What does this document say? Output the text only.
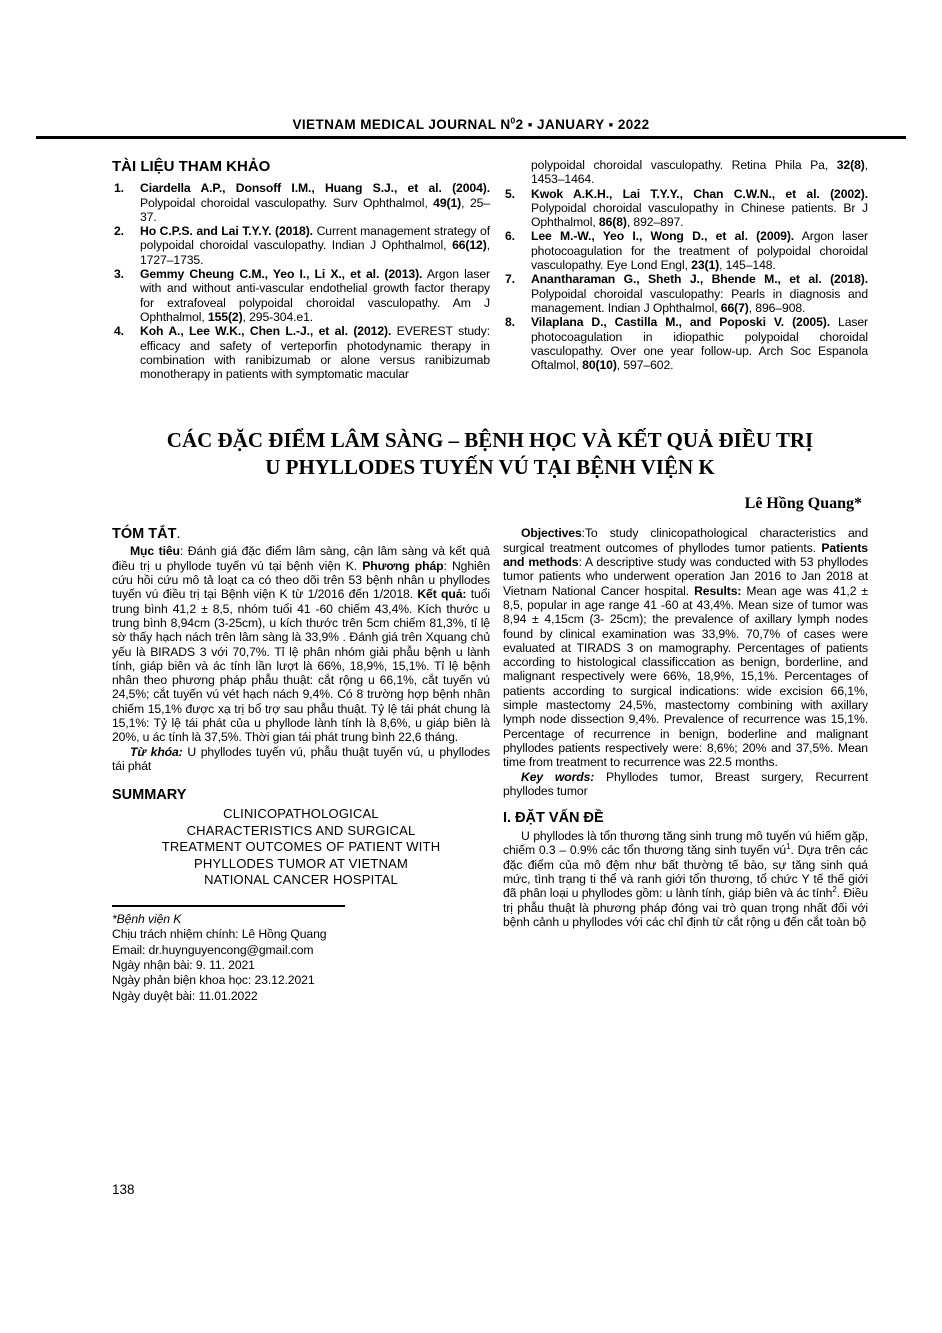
VIETNAM MEDICAL JOURNAL $N^02$ ▪ JANUARY ▪ 2022
TÀI LIỆU THAM KHẢO
1. Ciardella A.P., Donsoff I.M., Huang S.J., et al. (2004). Polypoidal choroidal vasculopathy. Surv Ophthalmol, 49(1), 25–37.
2. Ho C.P.S. and Lai T.Y.Y. (2018). Current management strategy of polypoidal choroidal vasculopathy. Indian J Ophthalmol, 66(12), 1727–1735.
3. Gemmy Cheung C.M., Yeo I., Li X., et al. (2013). Argon laser with and without anti-vascular endothelial growth factor therapy for extrafoveal polypoidal choroidal vasculopathy. Am J Ophthalmol, 155(2), 295-304.e1.
4. Koh A., Lee W.K., Chen L.-J., et al. (2012). EVEREST study: efficacy and safety of verteporfin photodynamic therapy in combination with ranibizumab or alone versus ranibizumab monotherapy in patients with symptomatic macular
polypoidal choroidal vasculopathy. Retina Phila Pa, 32(8), 1453–1464.
5. Kwok A.K.H., Lai T.Y.Y., Chan C.W.N., et al. (2002). Polypoidal choroidal vasculopathy in Chinese patients. Br J Ophthalmol, 86(8), 892–897.
6. Lee M.-W., Yeo I., Wong D., et al. (2009). Argon laser photocoagulation for the treatment of polypoidal choroidal vasculopathy. Eye Lond Engl, 23(1), 145–148.
7. Anantharaman G., Sheth J., Bhende M., et al. (2018). Polypoidal choroidal vasculopathy: Pearls in diagnosis and management. Indian J Ophthalmol, 66(7), 896–908.
8. Vilaplana D., Castilla M., and Poposki V. (2005). Laser photocoagulation in idiopathic polypoidal choroidal vasculopathy. Over one year follow-up. Arch Soc Espanola Oftalmol, 80(10), 597–602.
CÁC ĐẶC ĐIỂM LÂM SÀNG – BỆNH HỌC VÀ KẾT QUẢ ĐIỀU TRỊ
U PHYLLODES TUYẾN VÚ TẠI BỆNH VIỆN K
Lê Hồng Quang*
TÓM TẮT.

Mục tiêu: Đánh giá đặc điểm lâm sàng, cận lâm sàng và kết quả điều trị u phyllode tuyến vú tại bệnh viện K. Phương pháp: Nghiên cứu hồi cứu mô tả loạt ca có theo dõi trên 53 bệnh nhân u phyllodes tuyến vú điều trị tại Bệnh viện K từ 1/2016 đến 1/2018. Kết quả: tuổi trung bình 41,2 ± 8,5, nhóm tuổi 41 -60 chiếm 43,4%. Kích thước u trung bình 8,94cm (3-25cm), u kích thước trên 5cm chiếm 81,3%, tỉ lệ sờ thấy hạch nách trên lâm sàng là 33,9% . Đánh giá trên Xquang chủ yếu là BIRADS 3 với 70,7%. Tỉ lệ phân nhóm giải phẫu bệnh u lành tính, giáp biên và ác tính lần lượt là 66%, 18,9%, 15,1%. Tỉ lệ bệnh nhân theo phương pháp phẫu thuật: cắt rộng u 66,1%, cắt tuyến vú 24,5%; cắt tuyến vú vét hạch nách 9,4%. Có 8 trường hợp bệnh nhân chiếm 15,1% được xạ trị bổ trợ sau phẫu thuật. Tỷ lệ tái phát chung là 15,1%: Tỷ lệ tái phát của u phyllode lành tính là 8,6%, u giáp biên là 20%, u ác tính là 37,5%. Thời gian tái phát trung bình 22,6 tháng.

Từ khóa: U phyllodes tuyến vú, phẫu thuật tuyến vú, u phyllodes tái phát

SUMMARY
CLINICOPATHOLOGICAL
CHARACTERISTICS AND SURGICAL
TREATMENT OUTCOMES OF PATIENT WITH
PHYLLODES TUMOR AT VIETNAM
NATIONAL CANCER HOSPITAL
*Bệnh viện K
Chịu trách nhiệm chính: Lê Hồng Quang
Email: dr.huynguyencong@gmail.com
Ngày nhận bài: 9. 11. 2021
Ngày phản biện khoa học: 23.12.2021
Ngày duyệt bài: 11.01.2022

Objectives:To study clinicopathological characteristics and surgical treatment outcomes of phyllodes tumor patients. Patients and methods: A descriptive study was conducted with 53 phyllodes tumor patients who underwent operation Jan 2016 to Jan 2018 at Vietnam National Cancer hospital. Results: Mean age was 41,2 ± 8,5, popular in age range 41 -60 at 43,4%. Mean size of tumor was 8,94 ± 4,15cm (3- 25cm); the prevalence of axillary lymph nodes found by clinical examination was 33,9%. 70,7% of cases were evaluated at TIRADS 3 on mamography. Percentages of patients according to histological classificcation as benign, borderline, and malignant respectively were 66%, 18,9%, 15,1%. Percentages of patients according to surgical indications: wide excision 66,1%, simple mastectomy 24,5%, mastectomy combining with axillary lymph node dissection 9,4%. Prevalence of recurrence was 15,1%. Percentage of recurrence in benign, boderline and malignant phyllodes patients respectively were: 8,6%; 20% and 37,5%. Mean time from treatment to recurrence was 22.5 months.

Key words: Phyllodes tumor, Breast surgery, Recurrent phyllodes tumor

I. ĐẶT VẤN ĐỀ

U phyllodes là tổn thương tăng sinh trung mô tuyến vú hiếm gặp, chiếm 0.3 – 0.9% các tổn thương tăng sinh tuyến $vú^1$. Dựa trên các đặc điểm của mô đệm như bất thường tế bào, sự tăng sinh quá mức, tình trạng ti thể và ranh giới tổn thương, tổ chức Y tế thế giới đã phân loại u phyllodes gồm: u lành tính, giáp biên và ác tính$^2$. Điều trị phẫu thuật là phương pháp đóng vai trò quan trọng nhất đối với bệnh cảnh u phyllodes với các chỉ định từ cắt rộng u đến cắt toàn bộ

138
